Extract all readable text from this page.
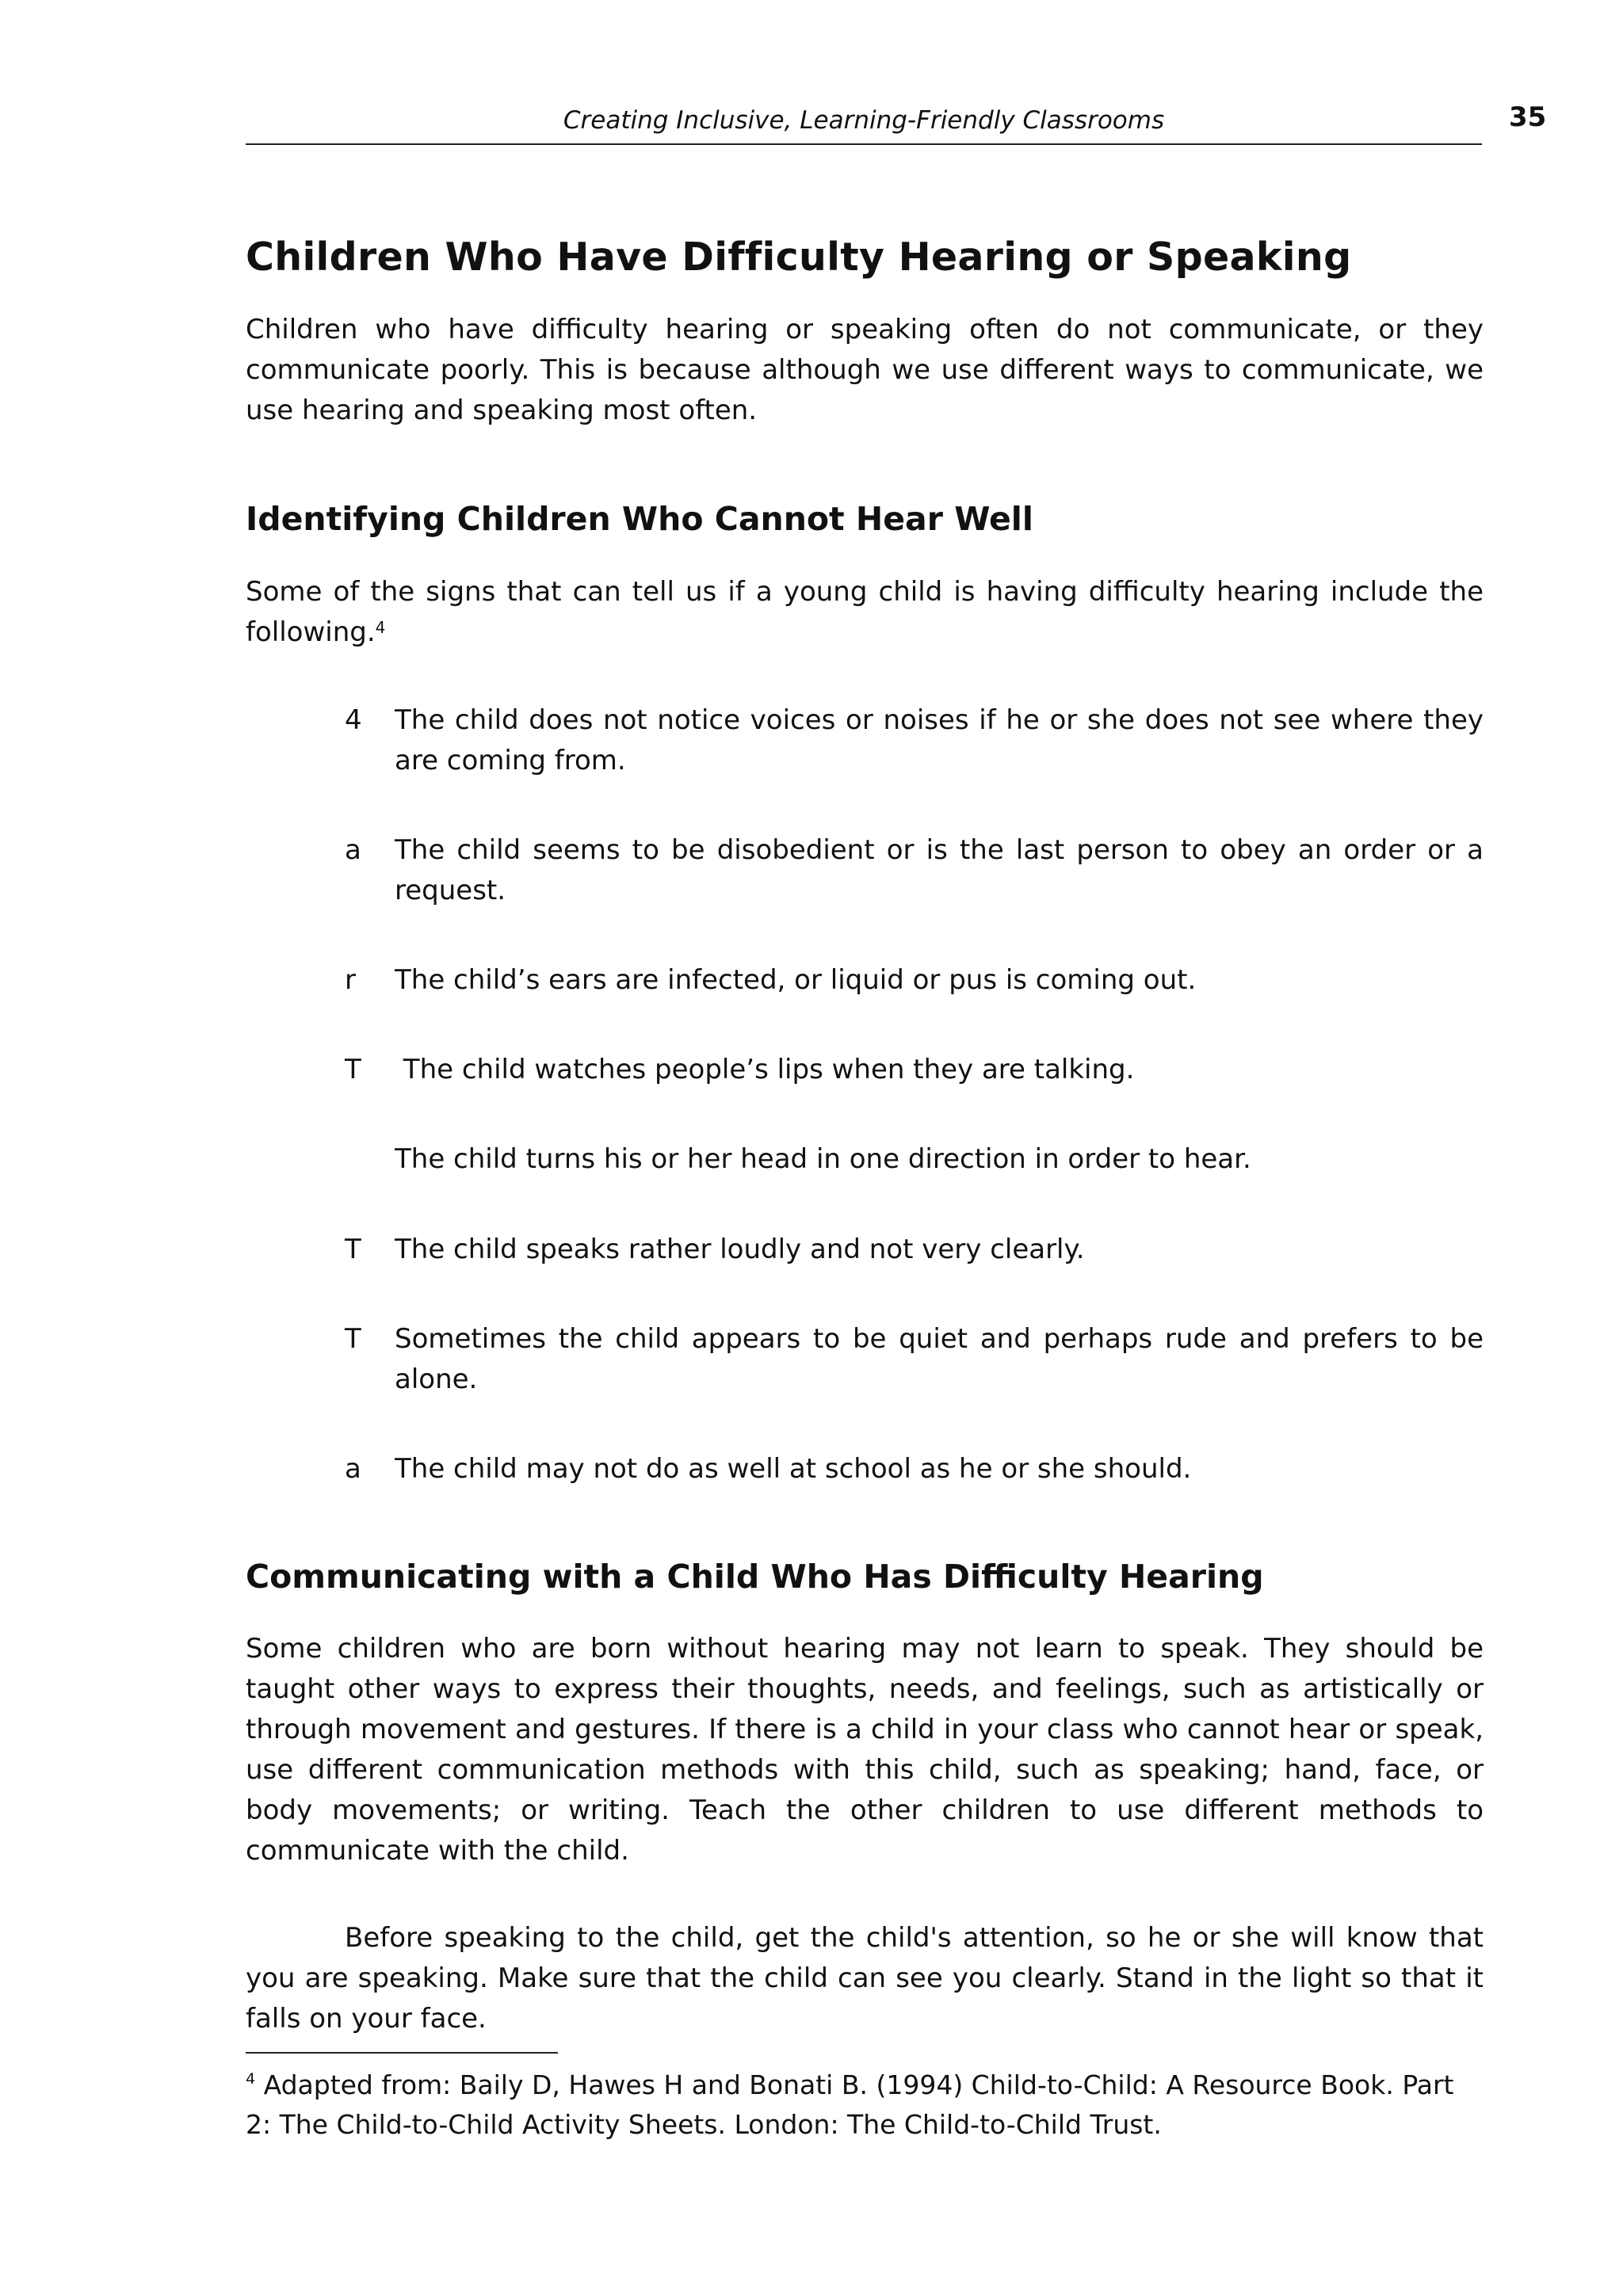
Creating Inclusive, Learning-Friendly Classrooms	35
Children Who Have Difficulty Hearing or Speaking

Children who have difficulty hearing or speaking often do not communicate, or they communicate poorly. This is because although we use different ways to communicate, we use hearing and speaking most often.

Identifying Children Who Cannot Hear Well

Some of the signs that can tell us if a young child is having difficulty hearing include the following.$^4$

4 The child does not notice voices or noises if he or she does not see where they are coming from.

a The child seems to be disobedient or is the last person to obey an order or a request.

r The child’s ears are infected, or liquid or pus is coming out.

T The child watches people’s lips when they are talking.

The child turns his or her head in one direction in order to hear.

T The child speaks rather loudly and not very clearly.

T Sometimes the child appears to be quiet and perhaps rude and prefers to be alone.

a The child may not do as well at school as he or she should.

Communicating with a Child Who Has Difficulty Hearing

Some children who are born without hearing may not learn to speak. They should be taught other ways to express their thoughts, needs, and feelings, such as artistically or through movement and gestures. If there is a child in your class who cannot hear or speak, use different communication methods with this child, such as speaking; hand, face, or body movements; or writing. Teach the other children to use different methods to communicate with the child.

Before speaking to the child, get the child's attention, so he or she will know that you are speaking. Make sure that the child can see you clearly. Stand in the light so that it falls on your face.

$^4$ Adapted from: Baily D, Hawes H and Bonati B. (1994) Child-to-Child: A Resource Book. Part 2: The Child-to-Child Activity Sheets. London: The Child-to-Child Trust.
